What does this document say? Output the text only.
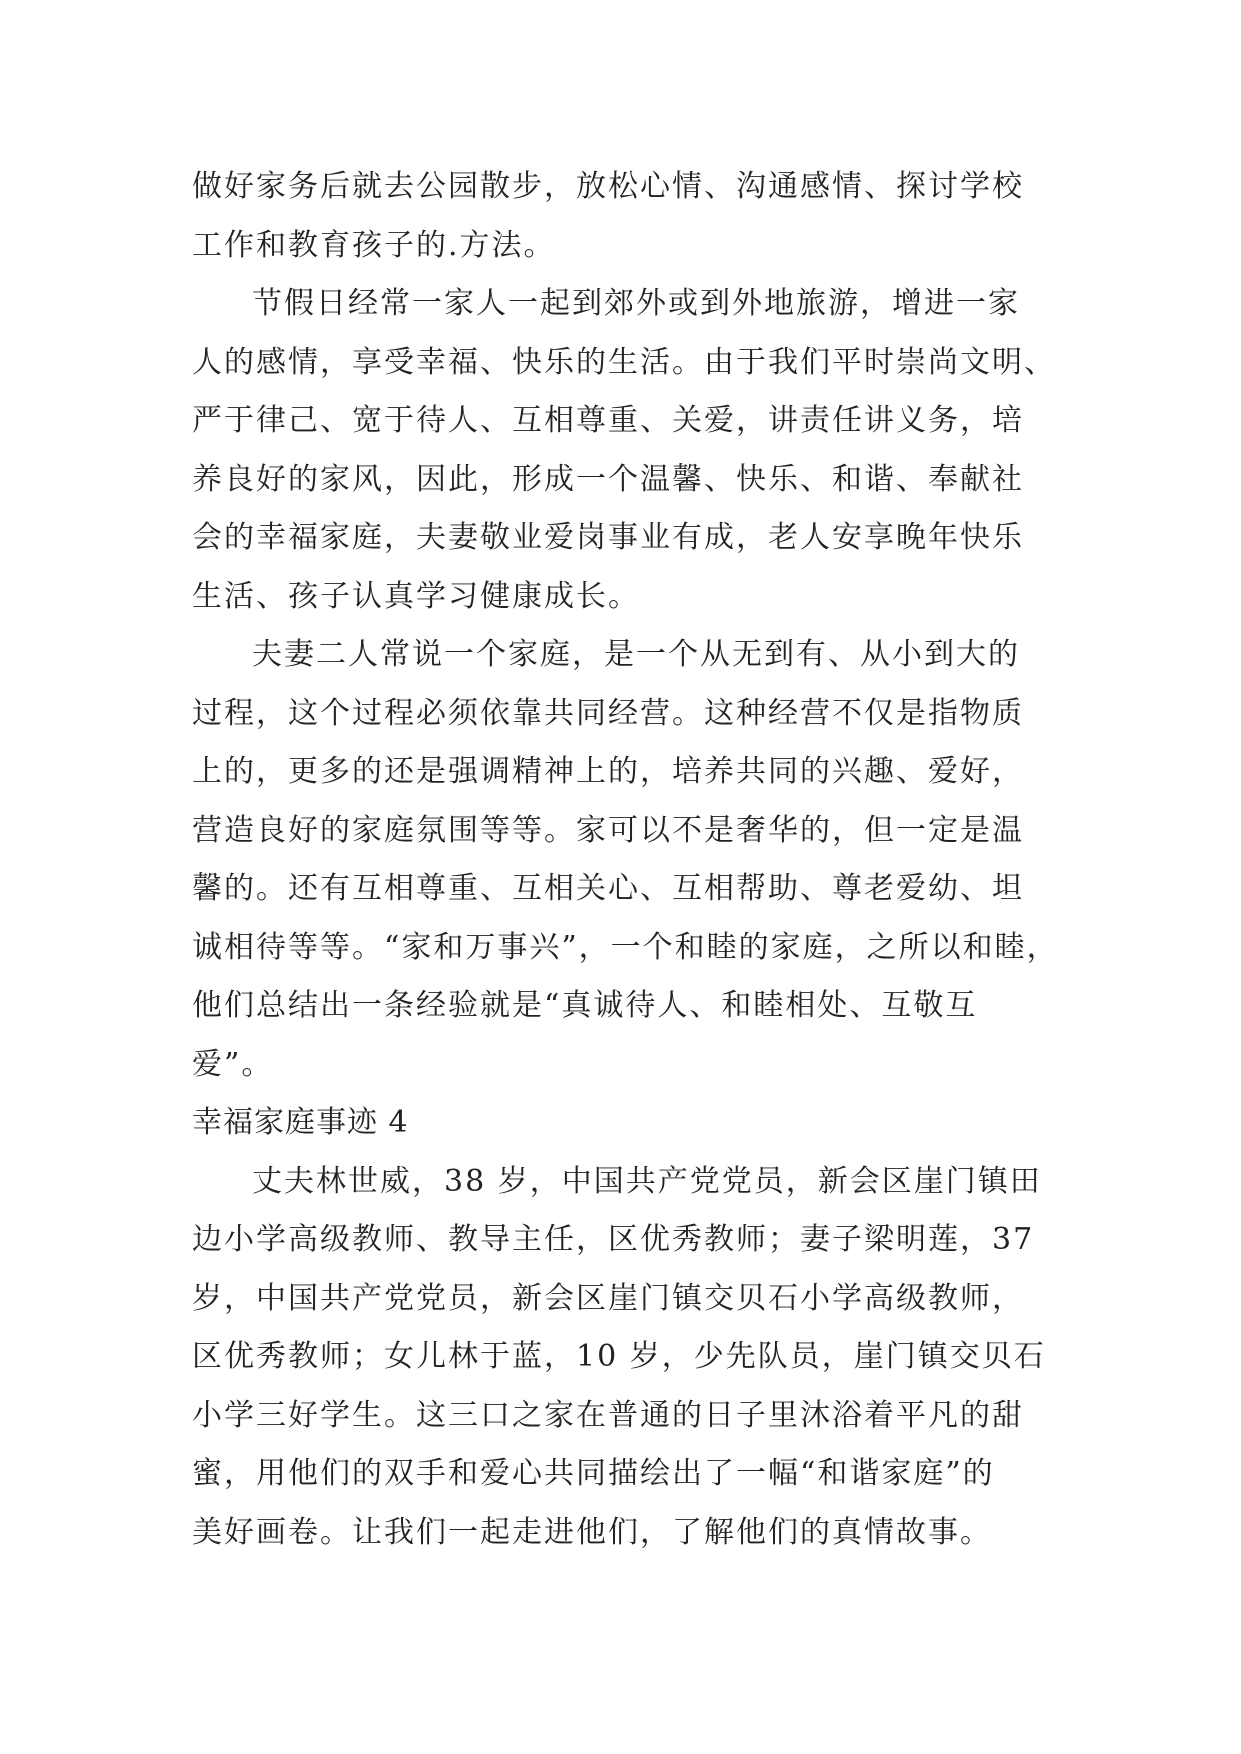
做好家务后就去公园散步，放松心情、沟通感情、探讨学校
工作和教育孩子的.方法。
节假日经常一家人一起到郊外或到外地旅游，增进一家
人的感情，享受幸福、快乐的生活。由于我们平时崇尚文明、
严于律己、宽于待人、互相尊重、关爱，讲责任讲义务，培
养良好的家风，因此，形成一个温馨、快乐、和谐、奉献社
会的幸福家庭，夫妻敬业爱岗事业有成，老人安享晚年快乐
生活、孩子认真学习健康成长。
夫妻二人常说一个家庭，是一个从无到有、从小到大的
过程，这个过程必须依靠共同经营。这种经营不仅是指物质
上的，更多的还是强调精神上的，培养共同的兴趣、爱好，
营造良好的家庭氛围等等。家可以不是奢华的，但一定是温
馨的。还有互相尊重、互相关心、互相帮助、尊老爱幼、坦
诚相待等等。“家和万事兴”，一个和睦的家庭，之所以和睦，
他们总结出一条经验就是“真诚待人、和睦相处、互敬互
爱”。
幸福家庭事迹 4
丈夫林世威，38 岁，中国共产党党员，新会区崖门镇田
边小学高级教师、教导主任，区优秀教师；妻子梁明莲，37
岁，中国共产党党员，新会区崖门镇交贝石小学高级教师，
区优秀教师；女儿林于蓝，10 岁，少先队员，崖门镇交贝石
小学三好学生。这三口之家在普通的日子里沐浴着平凡的甜
蜜，用他们的双手和爱心共同描绘出了一幅“和谐家庭”的
美好画卷。让我们一起走进他们，了解他们的真情故事。
